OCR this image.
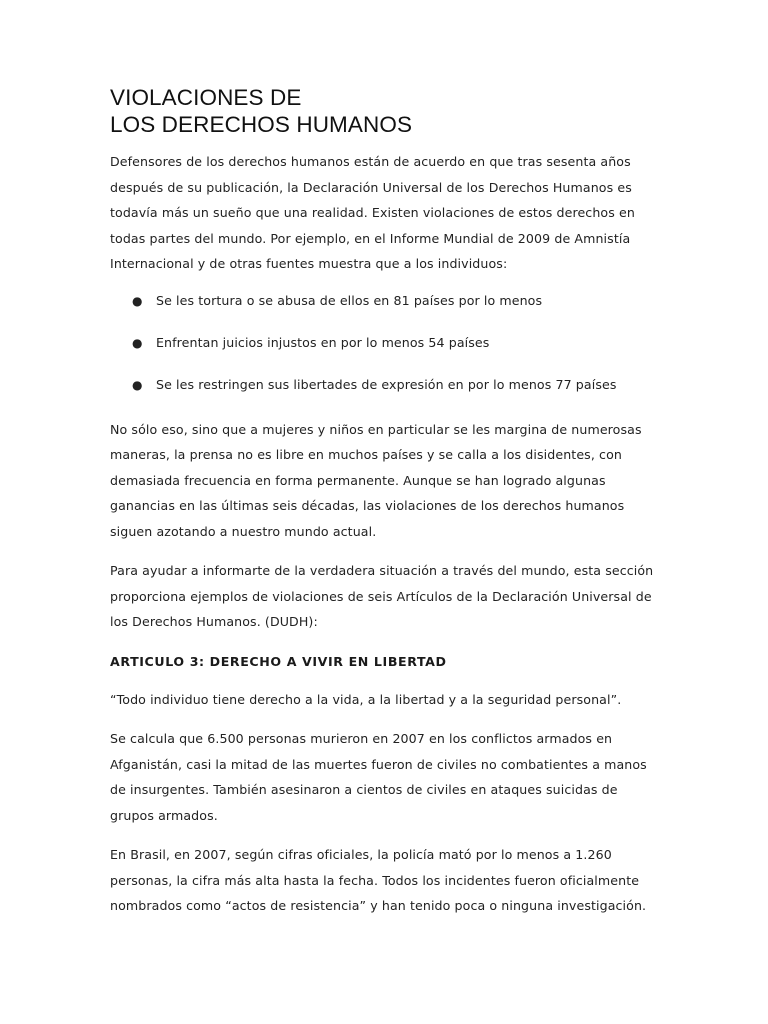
VIOLACIONES DE
LOS DERECHOS HUMANOS

Defensores de los derechos humanos están de acuerdo en que tras sesenta años después de su publicación, la Declaración Universal de los Derechos Humanos es todavía más un sueño que una realidad. Existen violaciones de estos derechos en todas partes del mundo. Por ejemplo, en el Informe Mundial de 2009 de Amnistía Internacional y de otras fuentes muestra que a los individuos:

● Se les tortura o se abusa de ellos en 81 países por lo menos
● Enfrentan juicios injustos en por lo menos 54 países
● Se les restringen sus libertades de expresión en por lo menos 77 países

No sólo eso, sino que a mujeres y niños en particular se les margina de numerosas maneras, la prensa no es libre en muchos países y se calla a los disidentes, con demasiada frecuencia en forma permanente. Aunque se han logrado algunas ganancias en las últimas seis décadas, las violaciones de los derechos humanos siguen azotando a nuestro mundo actual.

Para ayudar a informarte de la verdadera situación a través del mundo, esta sección proporciona ejemplos de violaciones de seis Artículos de la Declaración Universal de los Derechos Humanos. (DUDH):

ARTICULO 3: DERECHO A VIVIR EN LIBERTAD

“Todo individuo tiene derecho a la vida, a la libertad y a la seguridad personal”.

Se calcula que 6.500 personas murieron en 2007 en los conflictos armados en Afganistán, casi la mitad de las muertes fueron de civiles no combatientes a manos de insurgentes. También asesinaron a cientos de civiles en ataques suicidas de grupos armados.

En Brasil, en 2007, según cifras oficiales, la policía mató por lo menos a 1.260 personas, la cifra más alta hasta la fecha. Todos los incidentes fueron oficialmente nombrados como “actos de resistencia” y han tenido poca o ninguna investigación.
